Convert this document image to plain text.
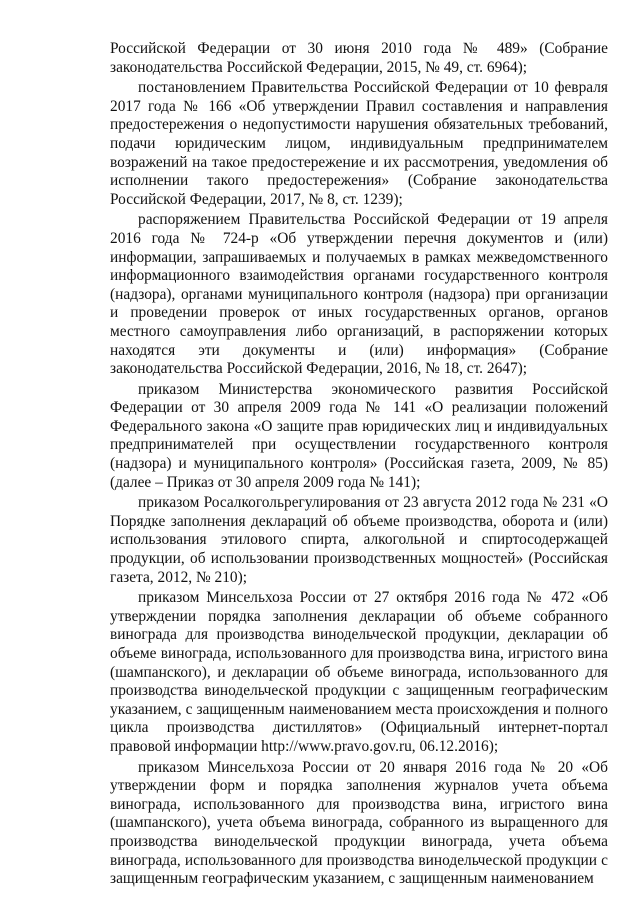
Российской Федерации от 30 июня 2010 года № 489» (Собрание законодательства Российской Федерации, 2015, № 49, ст. 6964);

постановлением Правительства Российской Федерации от 10 февраля 2017 года № 166 «Об утверждении Правил составления и направления предостережения о недопустимости нарушения обязательных требований, подачи юридическим лицом, индивидуальным предпринимателем возражений на такое предостережение и их рассмотрения, уведомления об исполнении такого предостережения» (Собрание законодательства Российской Федерации, 2017, № 8, ст. 1239);

распоряжением Правительства Российской Федерации от 19 апреля 2016 года № 724-р «Об утверждении перечня документов и (или) информации, запрашиваемых и получаемых в рамках межведомственного информационного взаимодействия органами государственного контроля (надзора), органами муниципального контроля (надзора) при организации и проведении проверок от иных государственных органов, органов местного самоуправления либо организаций, в распоряжении которых находятся эти документы и (или) информация» (Собрание законодательства Российской Федерации, 2016, № 18, ст. 2647);

приказом Министерства экономического развития Российской Федерации от 30 апреля 2009 года № 141 «О реализации положений Федерального закона «О защите прав юридических лиц и индивидуальных предпринимателей при осуществлении государственного контроля (надзора) и муниципального контроля» (Российская газета, 2009, № 85) (далее – Приказ от 30 апреля 2009 года № 141);

приказом Росалкогольрегулирования от 23 августа 2012 года № 231 «О Порядке заполнения деклараций об объеме производства, оборота и (или) использования этилового спирта, алкогольной и спиртосодержащей продукции, об использовании производственных мощностей» (Российская газета, 2012, № 210);

приказом Минсельхоза России от 27 октября 2016 года № 472 «Об утверждении порядка заполнения декларации об объеме собранного винограда для производства винодельческой продукции, декларации об объеме винограда, использованного для производства вина, игристого вина (шампанского), и декларации об объеме винограда, использованного для производства винодельческой продукции с защищенным географическим указанием, с защищенным наименованием места происхождения и полного цикла производства дистиллятов» (Официальный интернет-портал правовой информации http://www.pravo.gov.ru, 06.12.2016);

приказом Минсельхоза России от 20 января 2016 года № 20 «Об утверждении форм и порядка заполнения журналов учета объема винограда, использованного для производства вина, игристого вина (шампанского), учета объема винограда, собранного из выращенного для производства винодельческой продукции винограда, учета объема винограда, использованного для производства винодельческой продукции с защищенным географическим указанием, с защищенным наименованием
